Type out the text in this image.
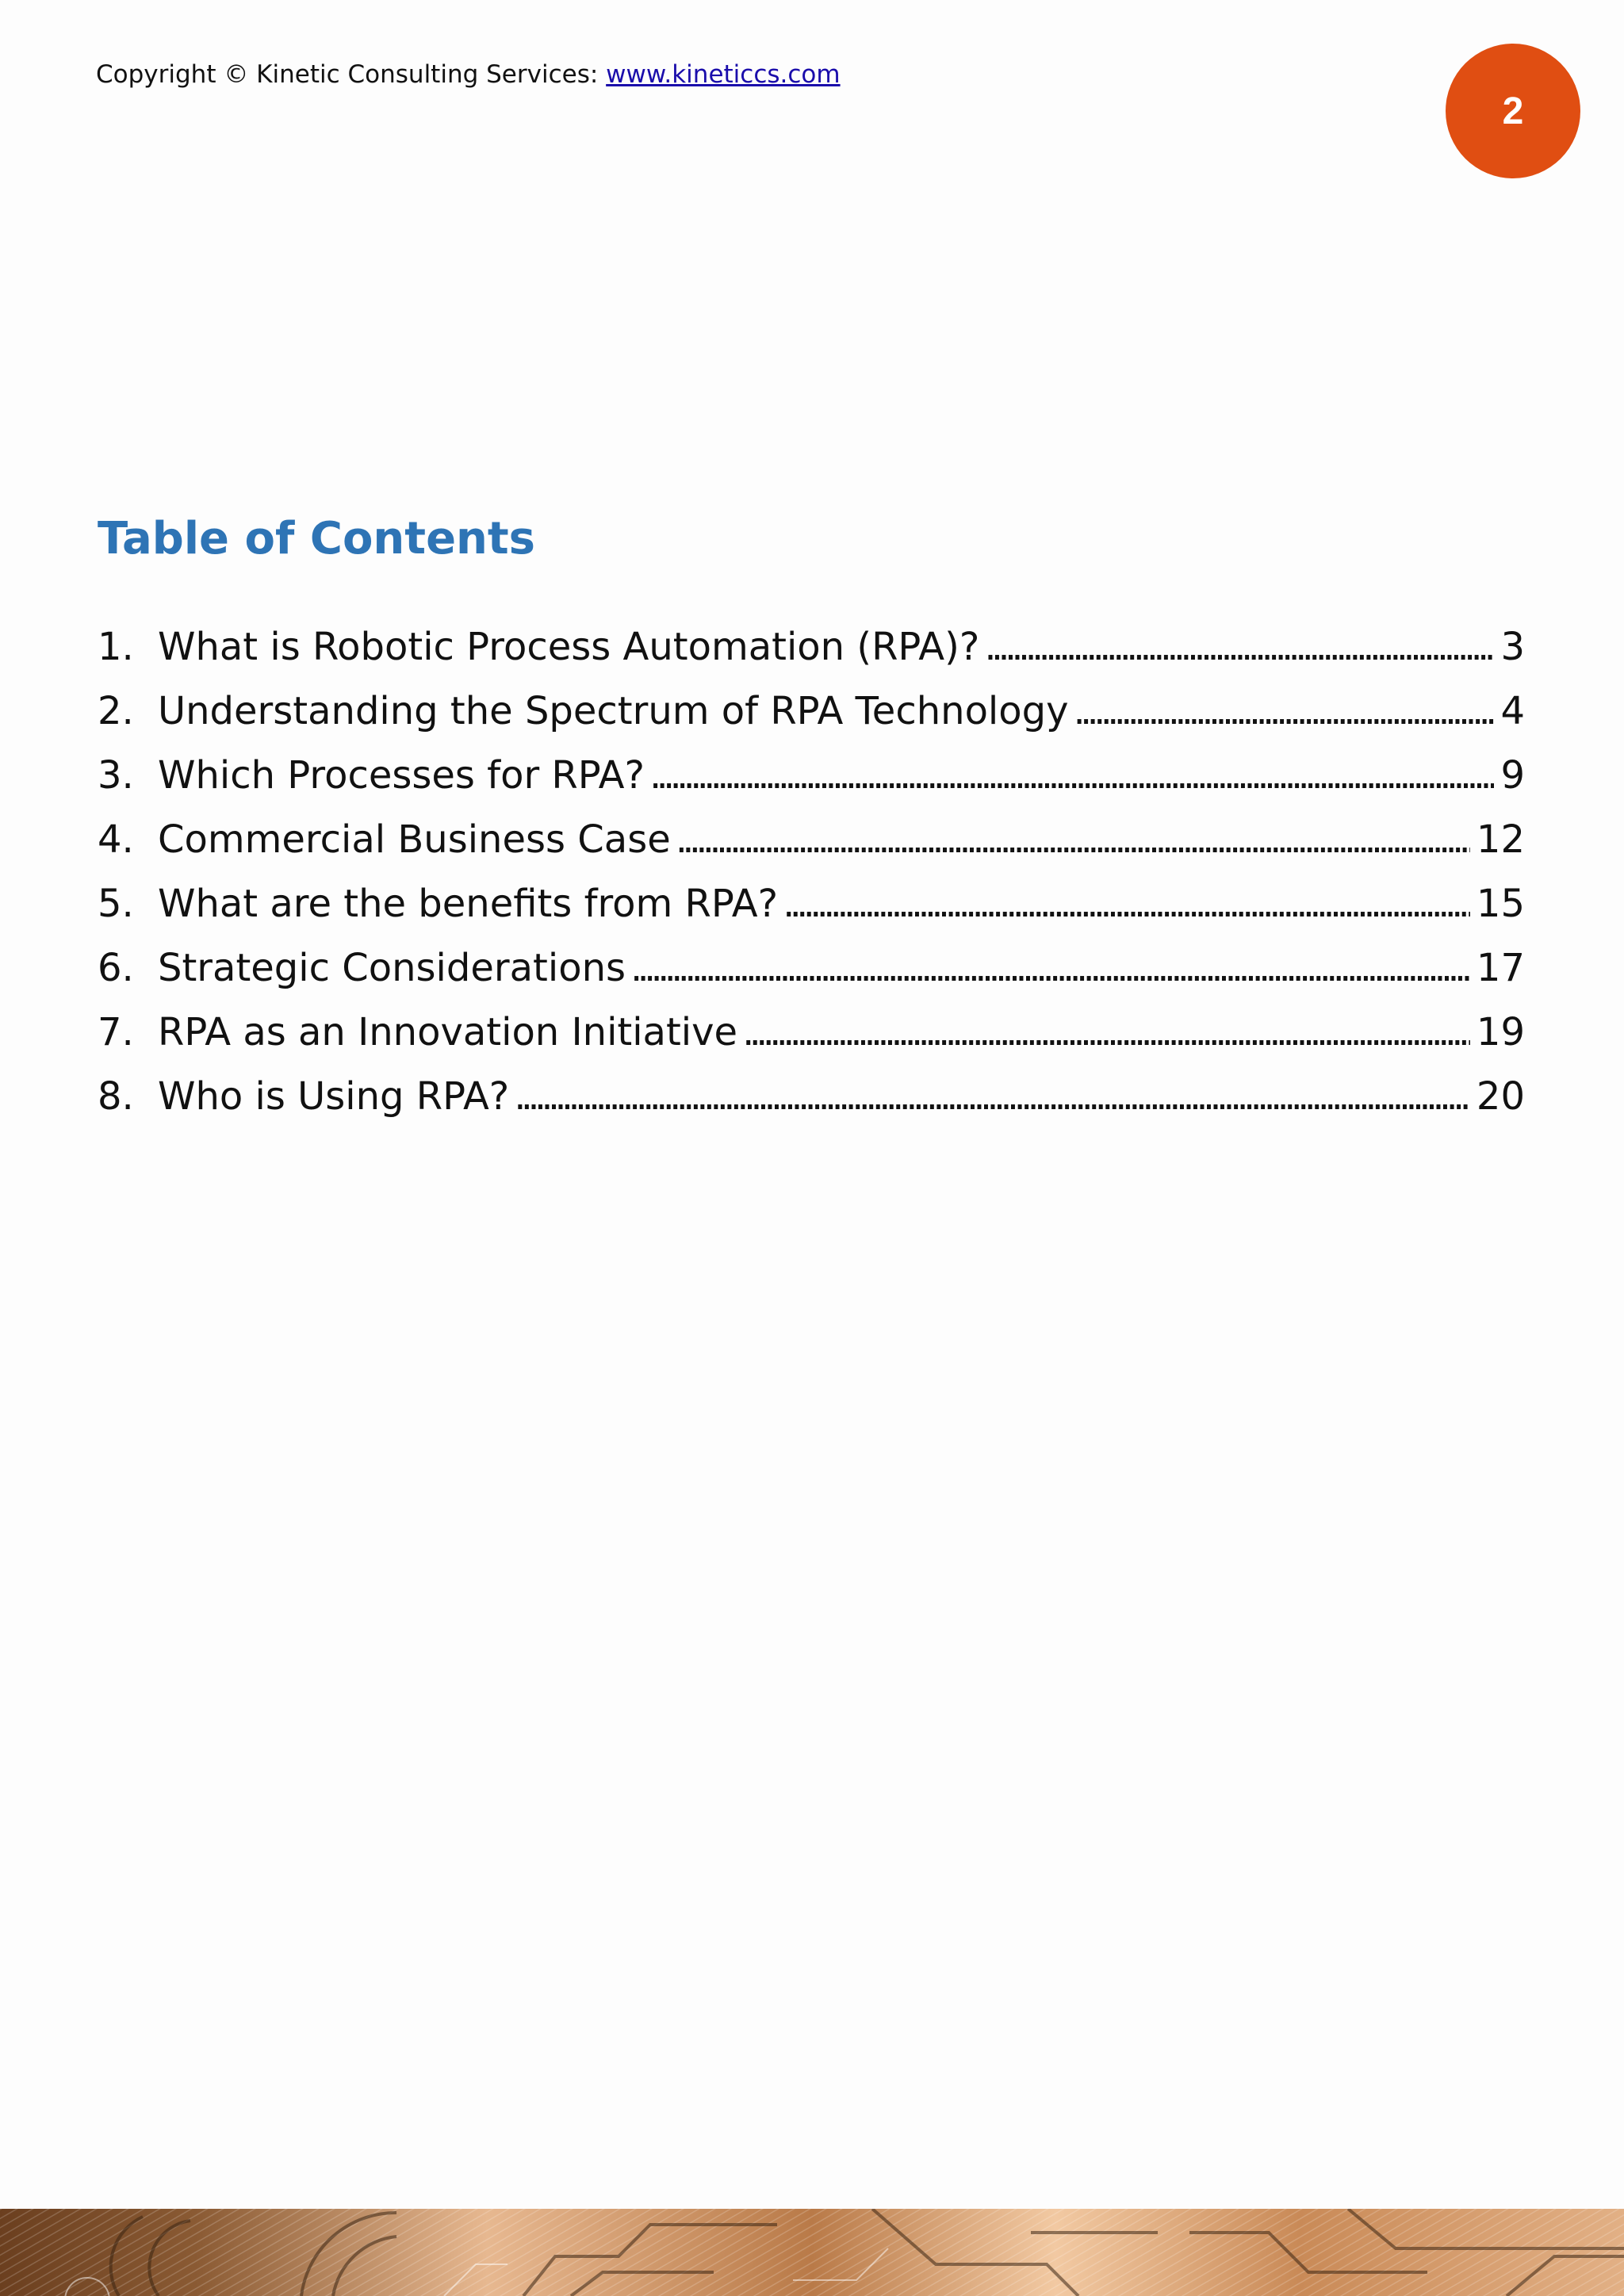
Copyright © Kinetic Consulting Services: www.kineticcs.com
2
Table of Contents
1. What is Robotic Process Automation (RPA)? . . .	3
2. Understanding the Spectrum of RPA Technology . . .	4
3. Which Processes for RPA? . . .	9
4. Commercial Business Case . . .	12
5. What are the benefits from RPA? . . .	15
6. Strategic Considerations . . .	17
7. RPA as an Innovation Initiative . . .	19
8. Who is Using RPA? . . .	20
